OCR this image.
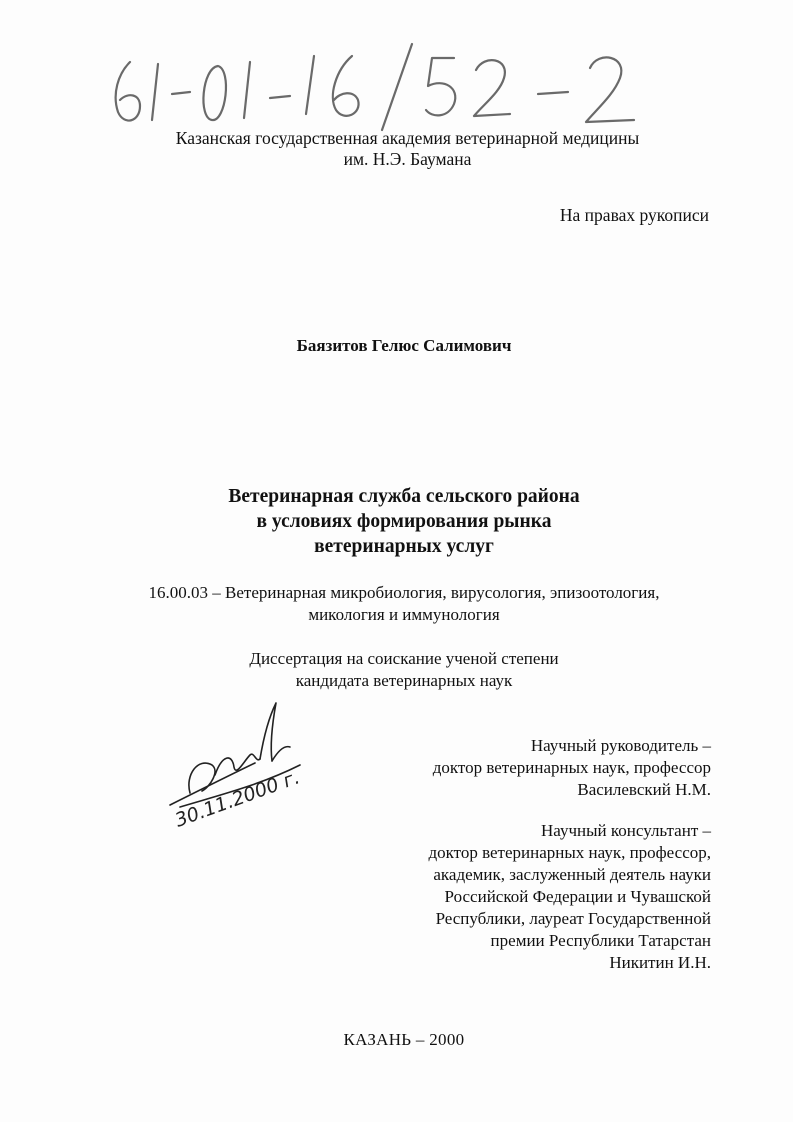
Казанская государственная академия ветеринарной медицины
им. Н.Э. Баумана
На правах рукописи
Баязитов Гелюс Салимович
Ветеринарная служба сельского района
в условиях формирования рынка
ветеринарных услуг
16.00.03 – Ветеринарная микробиология, вирусология, эпизоотология,
микология и иммунология
Диссертация на соискание ученой степени
кандидата ветеринарных наук
30.11.2000 г.
Научный руководитель –
доктор ветеринарных наук, профессор
Василевский Н.М.
Научный консультант –
доктор ветеринарных наук, профессор,
академик, заслуженный деятель науки
Российской Федерации и Чувашской
Республики, лауреат Государственной
премии Республики Татарстан
Никитин И.Н.
КАЗАНЬ – 2000
